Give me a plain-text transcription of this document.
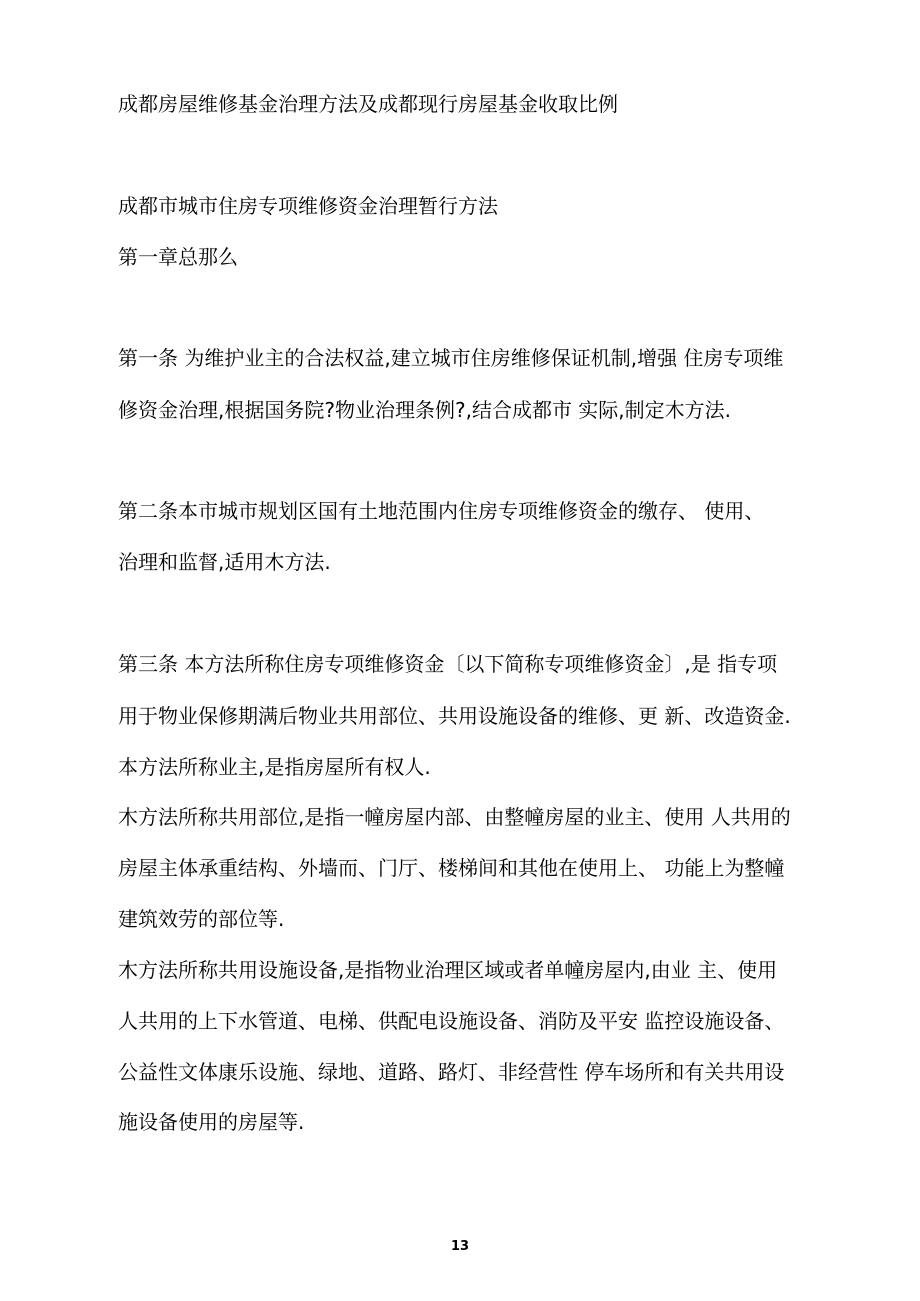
成都房屋维修基金治理方法及成都现行房屋基金收取比例

成都市城市住房专项维修资金治理暂行方法

第一章总那么

第一条 为维护业主的合法权益,建立城市住房维修保证机制,增强 住房专项维

修资金治理,根据国务院?物业治理条例?,结合成都市 实际,制定木方法.

第二条本市城市规划区国有土地范围内住房专项维修资金的缴存、 使用、

治理和监督,适用木方法.

第三条 本方法所称住房专项维修资金〔以下简称专项维修资金〕,是 指专项

用于物业保修期满后物业共用部位、共用设施设备的维修、更 新、改造资金.

本方法所称业主,是指房屋所有权人.

木方法所称共用部位,是指一幢房屋内部、由整幢房屋的业主、使用 人共用的

房屋主体承重结构、外墙而、门厅、楼梯间和其他在使用上、 功能上为整幢

建筑效劳的部位等.

木方法所称共用设施设备,是指物业治理区域或者单幢房屋内,由业 主、使用

人共用的上下水管道、电梯、供配电设施设备、消防及平安 监控设施设备、

公益性文体康乐设施、绿地、道路、路灯、非经营性 停车场所和有关共用设

施设备使用的房屋等.

13
